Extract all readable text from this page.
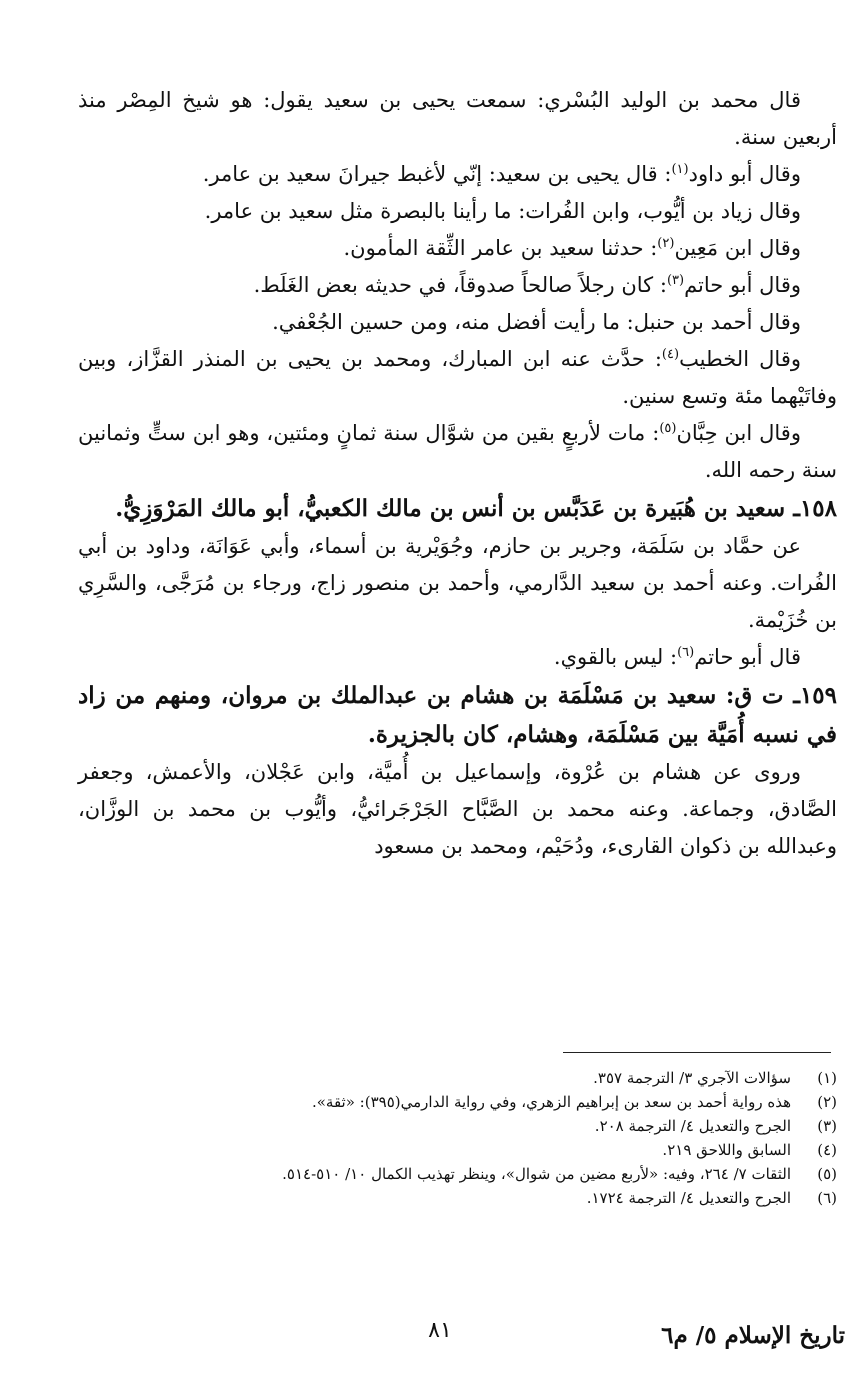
قال محمد بن الوليد البُسْري: سمعت يحيى بن سعيد يقول: هو شيخ المِصْر منذ أربعين سنة.

وقال أبو داود$^{(١)}$: قال يحيى بن سعيد: إنّي لأغبط جيرانَ سعيد بن عامر.

وقال زياد بن أيُّوب، وابن الفُرات: ما رأينا بالبصرة مثل سعيد بن عامر.

وقال ابن مَعِين$^{(٢)}$: حدثنا سعيد بن عامر الثِّقة المأمون.

وقال أبو حاتم$^{(٣)}$: كان رجلاً صالحاً صدوقاً، في حديثه بعض الغَلَط.

وقال أحمد بن حنبل: ما رأيت أفضل منه، ومن حسين الجُعْفي.

وقال الخطيب$^{(٤)}$: حدَّث عنه ابن المبارك، ومحمد بن يحيى بن المنذر القزَّاز، وبين وفاتَيْهما مئة وتسع سنين.

وقال ابن حِبَّان$^{(٥)}$: مات لأربعٍ بقين من شوَّال سنة ثمانٍ ومئتين، وهو ابن ستٍّ وثمانين سنة رحمه الله.

١٥٨ـ سعيد بن هُبَيرة بن عَدَبَّس بن أنس بن مالك الكعبيُّ، أبو مالك المَرْوَزِيُّ.

عن حمَّاد بن سَلَمَة، وجرير بن حازم، وجُوَيْرية بن أسماء، وأبي عَوَانَة، وداود بن أبي الفُرات. وعنه أحمد بن سعيد الدَّارمي، وأحمد بن منصور زاج، ورجاء بن مُرَجَّى، والسَّرِي بن خُزَيْمة.

قال أبو حاتم$^{(٦)}$: ليس بالقوي.

١٥٩ـ ت ق: سعيد بن مَسْلَمَة بن هشام بن عبدالملك بن مروان، ومنهم من زاد في نسبه أُمَيَّة بين مَسْلَمَة، وهشام، كان بالجزيرة.

وروى عن هشام بن عُرْوة، وإسماعيل بن أُميَّة، وابن عَجْلان، والأعمش، وجعفر الصَّادق، وجماعة. وعنه محمد بن الصَّبَّاح الجَرْجَرائيُّ، وأيُّوب بن محمد بن الوزَّان، وعبدالله بن ذكوان القارىء، ودُحَيْم، ومحمد بن مسعود

(١)
سؤالات الآجري ٣/ الترجمة ٣٥٧.
(٢)
هذه رواية أحمد بن سعد بن إبراهيم الزهري، وفي رواية الدارمي(٣٩٥): «ثقة».
(٣)
الجرح والتعديل ٤/ الترجمة ٢٠٨.
(٤)
السابق واللاحق ٢١٩.
(٥)
الثقات ٧/ ٢٦٤، وفيه: «لأربع مضين من شوال»، وينظر تهذيب الكمال ١٠/ ٥١٠-٥١٤.
(٦)
الجرح والتعديل ٤/ الترجمة ١٧٢٤.
تاريخ الإسلام ٥/ م٦
٨١
